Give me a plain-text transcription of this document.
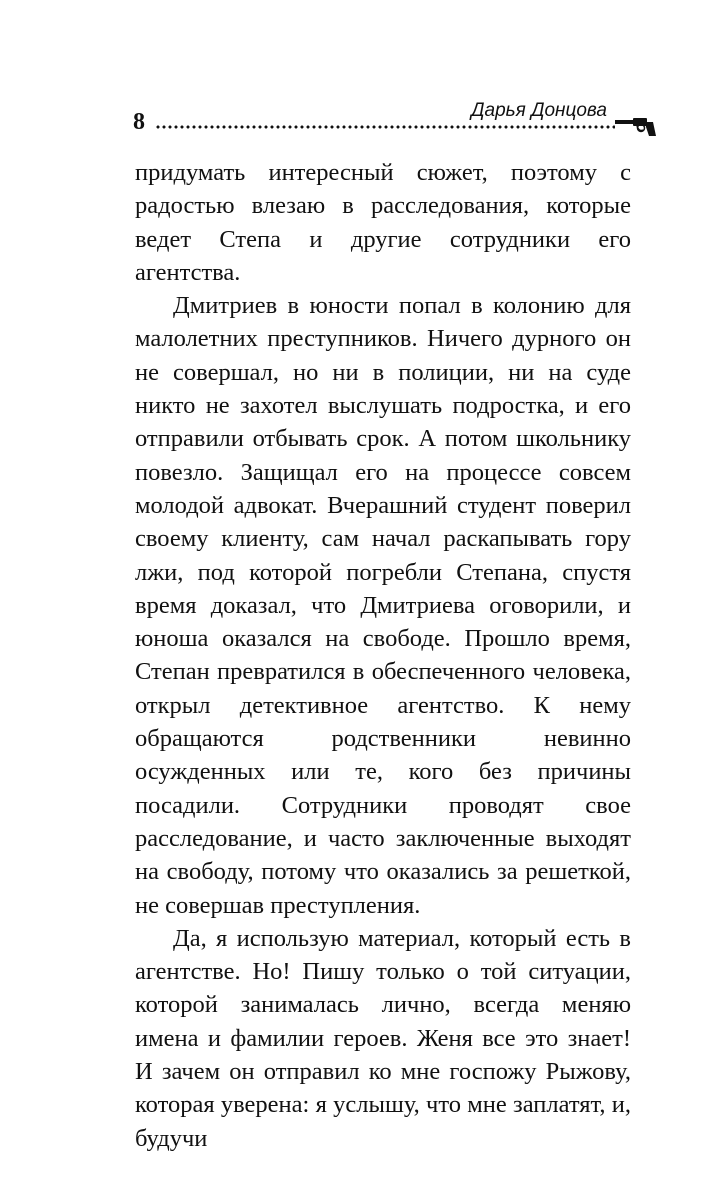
8	Дарья Донцова

придумать интересный сюжет, поэтому с радостью влезаю в расследования, которые ведет Степа и другие сотрудники его агентства.

Дмитриев в юности попал в колонию для малолетних преступников. Ничего дурного он не совершал, но ни в полиции, ни на суде никто не захотел выслушать подростка, и его отправили отбывать срок. А потом школьнику повезло. Защищал его на процессе совсем молодой адвокат. Вчерашний студент поверил своему клиенту, сам начал раскапывать гору лжи, под которой погребли Степана, спустя время доказал, что Дмитриева оговорили, и юноша оказался на свободе. Прошло время, Степан превратился в обеспеченного человека, открыл детективное агентство. К нему обращаются родственники невинно осужденных или те, кого без причины посадили. Сотрудники проводят свое расследование, и часто заключенные выходят на свободу, потому что оказались за решеткой, не совершав преступления.

Да, я использую материал, который есть в агентстве. Но! Пишу только о той ситуации, которой занималась лично, всегда меняю имена и фамилии героев. Женя все это знает! И зачем он отправил ко мне госпожу Рыжову, которая уверена: я услышу, что мне заплатят, и, будучи
